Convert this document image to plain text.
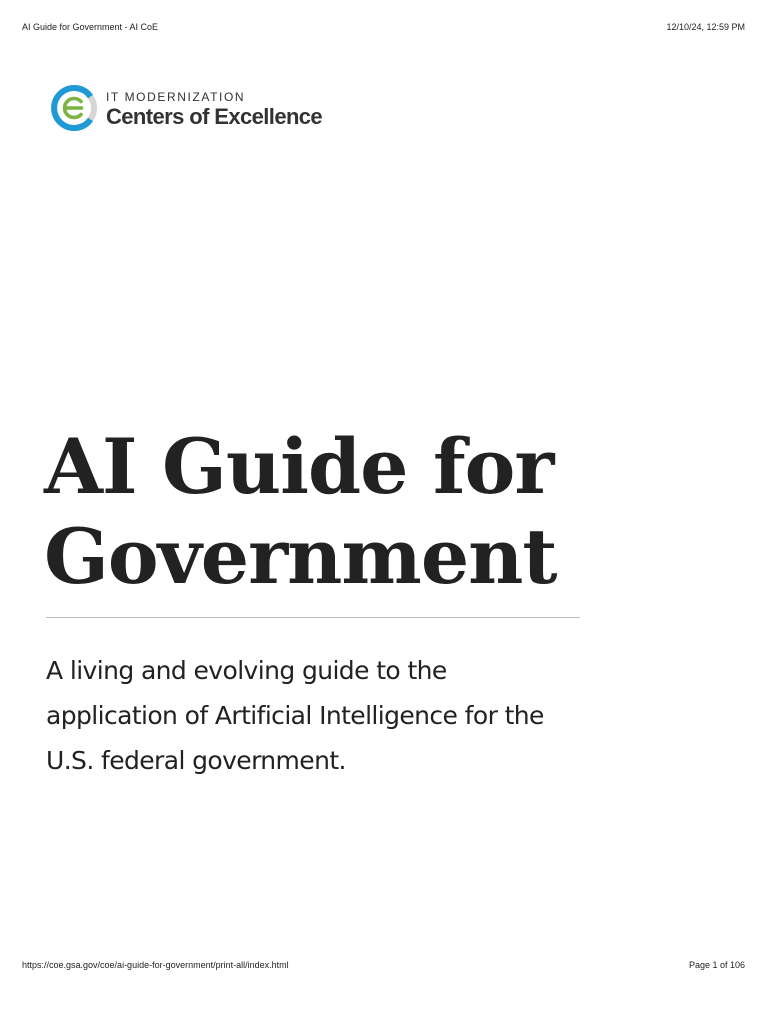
AI Guide for Government - AI CoE	12/10/24, 12:59 PM
IT MODERNIZATION
Centers of Excellence
AI Guide for
Government

A living and evolving guide to the
application of Artificial Intelligence for the
U.S. federal government.

https://coe.gsa.gov/coe/ai-guide-for-government/print-all/index.html	Page 1 of 106
